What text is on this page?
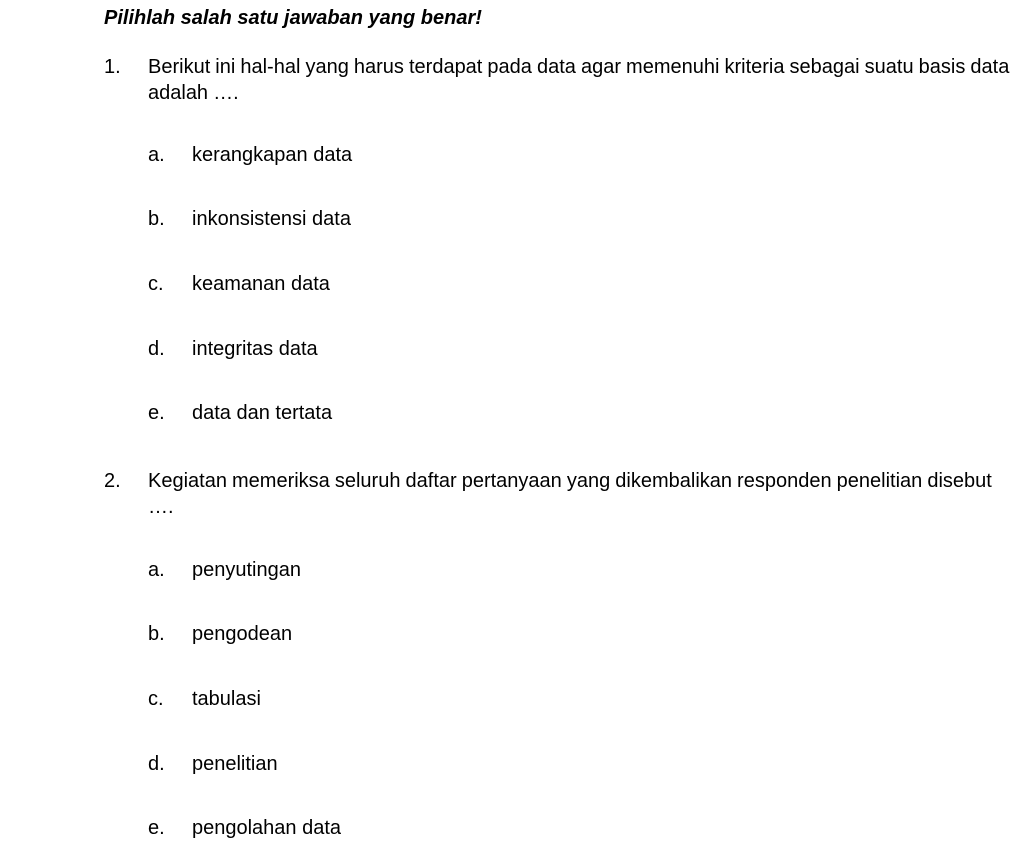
Pilihlah salah satu jawaban yang benar!
1. Berikut ini hal-hal yang harus terdapat pada data agar memenuhi kriteria sebagai suatu basis data adalah ….
a. kerangkapan data
b. inkonsistensi data
c. keamanan data
d. integritas data
e. data dan tertata
2. Kegiatan memeriksa seluruh daftar pertanyaan yang dikembalikan responden penelitian disebut ….
a. penyutingan
b. pengodean
c. tabulasi
d. penelitian
e. pengolahan data
